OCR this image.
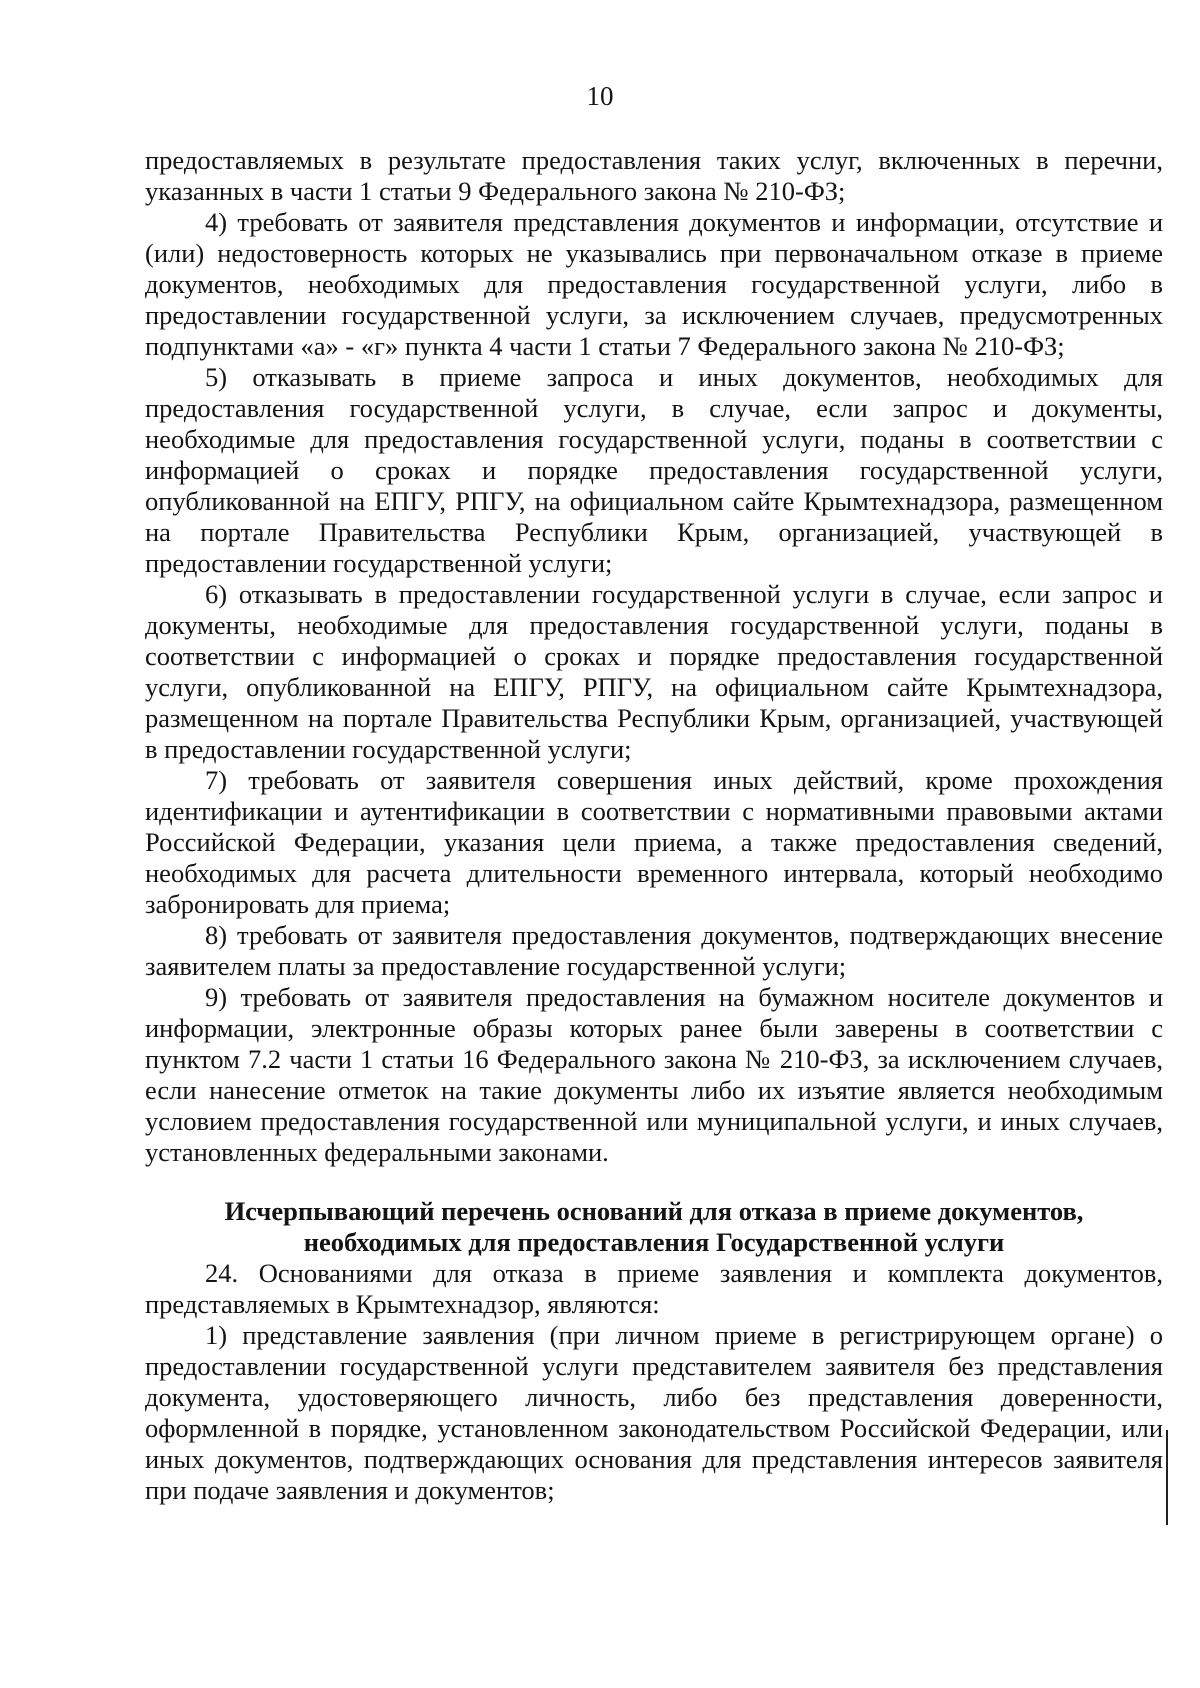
10

предоставляемых в результате предоставления таких услуг, включенных в перечни, указанных в части 1 статьи 9 Федерального закона № 210-ФЗ;

4) требовать от заявителя представления документов и информации, отсутствие и (или) недостоверность которых не указывались при первоначальном отказе в приеме документов, необходимых для предоставления государственной услуги, либо в предоставлении государственной услуги, за исключением случаев, предусмотренных подпунктами «а» - «г» пункта 4 части 1 статьи 7 Федерального закона № 210-ФЗ;

5) отказывать в приеме запроса и иных документов, необходимых для предоставления государственной услуги, в случае, если запрос и документы, необходимые для предоставления государственной услуги, поданы в соответствии с информацией о сроках и порядке предоставления государственной услуги, опубликованной на ЕПГУ, РПГУ, на официальном сайте Крымтехнадзора, размещенном на портале Правительства Республики Крым, организацией, участвующей в предоставлении государственной услуги;

6) отказывать в предоставлении государственной услуги в случае, если запрос и документы, необходимые для предоставления государственной услуги, поданы в соответствии с информацией о сроках и порядке предоставления государственной услуги, опубликованной на ЕПГУ, РПГУ, на официальном сайте Крымтехнадзора, размещенном на портале Правительства Республики Крым, организацией, участвующей в предоставлении государственной услуги;

7) требовать от заявителя совершения иных действий, кроме прохождения идентификации и аутентификации в соответствии с нормативными правовыми актами Российской Федерации, указания цели приема, а также предоставления сведений, необходимых для расчета длительности временного интервала, который необходимо забронировать для приема;

8) требовать от заявителя предоставления документов, подтверждающих внесение заявителем платы за предоставление государственной услуги;

9) требовать от заявителя предоставления на бумажном носителе документов и информации, электронные образы которых ранее были заверены в соответствии с пунктом 7.2 части 1 статьи 16 Федерального закона № 210-ФЗ, за исключением случаев, если нанесение отметок на такие документы либо их изъятие является необходимым условием предоставления государственной или муниципальной услуги, и иных случаев, установленных федеральными законами.

Исчерпывающий перечень оснований для отказа в приеме документов,
необходимых для предоставления Государственной услуги

24. Основаниями для отказа в приеме заявления и комплекта документов, представляемых в Крымтехнадзор, являются:

1) представление заявления (при личном приеме в регистрирующем органе) о предоставлении государственной услуги представителем заявителя без представления документа, удостоверяющего личность, либо без представления доверенности, оформленной в порядке, установленном законодательством Российской Федерации, или иных документов, подтверждающих основания для представления интересов заявителя при подаче заявления и документов;
